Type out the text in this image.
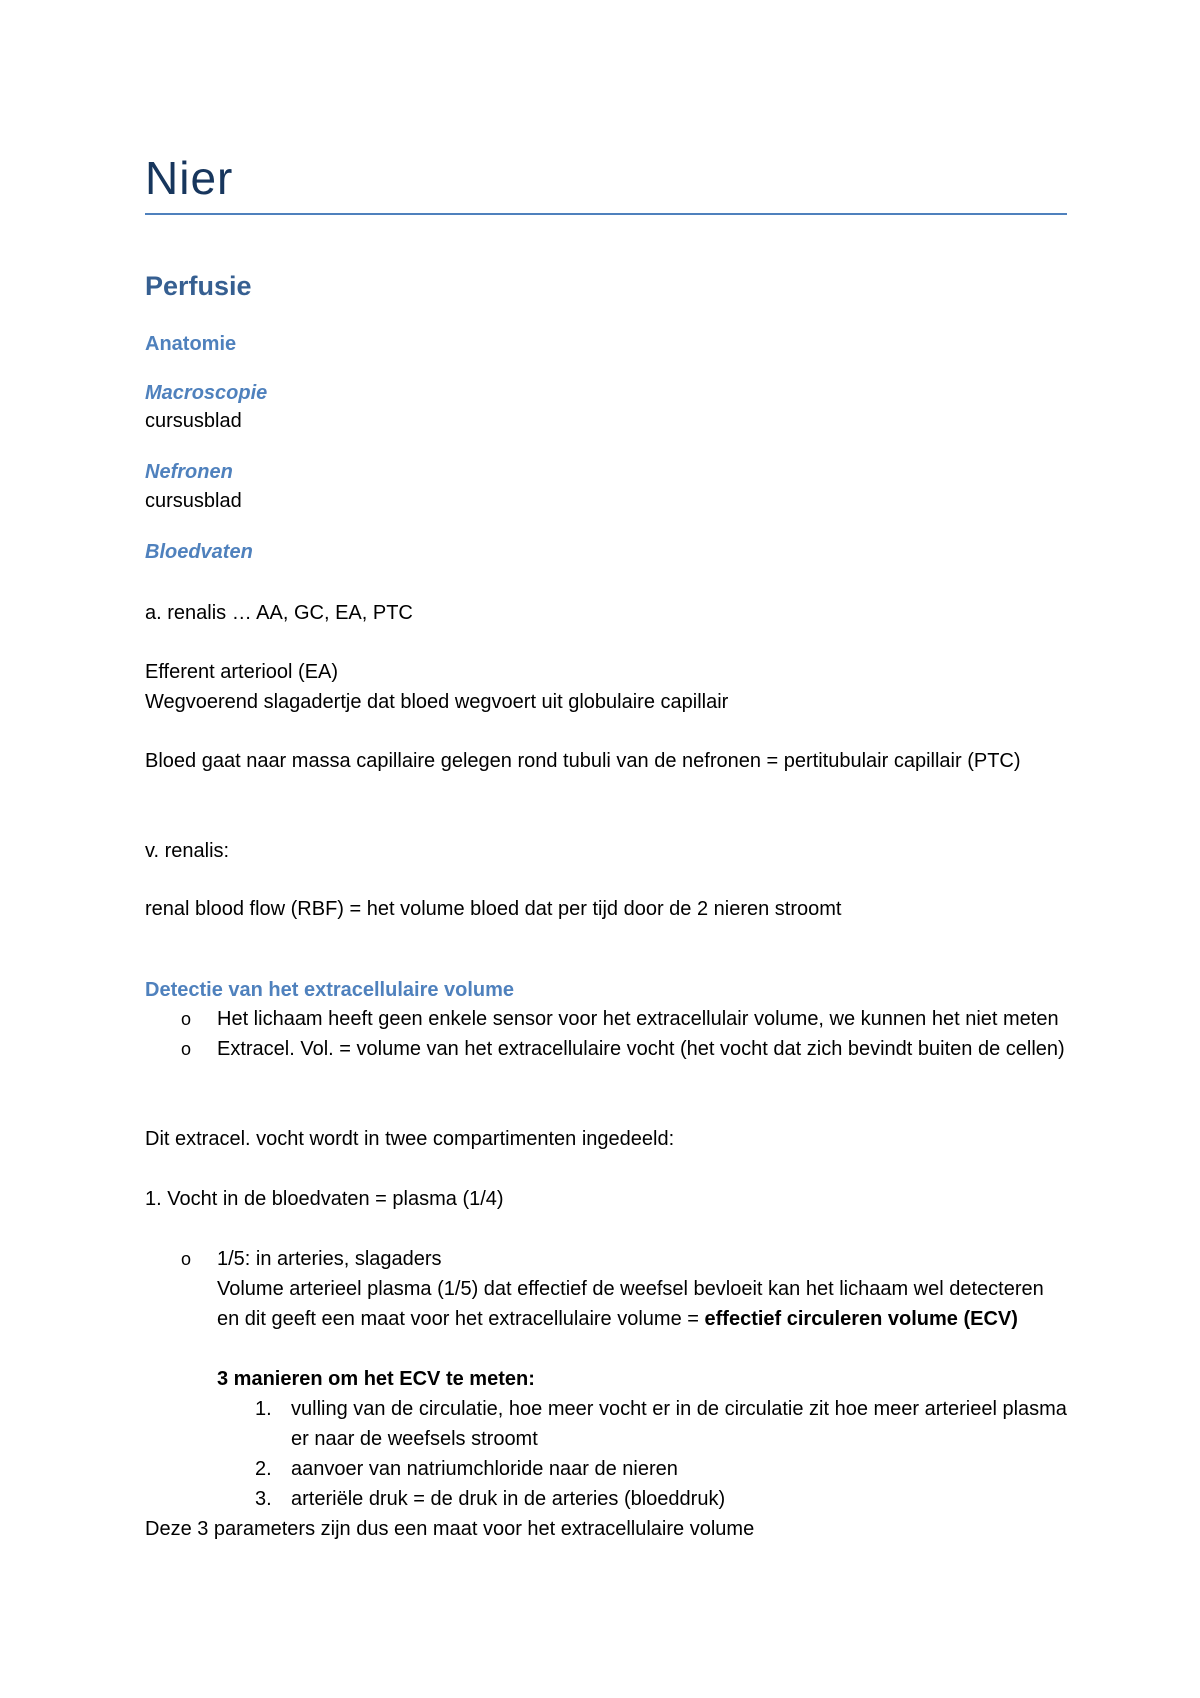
Nier
Perfusie
Anatomie
Macroscopie

cursusblad

Nefronen

cursusblad

Bloedvaten

a. renalis … AA, GC, EA, PTC

Efferent arteriool (EA)

Wegvoerend slagadertje dat bloed wegvoert uit globulaire capillair

Bloed gaat naar massa capillaire gelegen rond tubuli van de nefronen = pertitubulair capillair (PTC)

v. renalis:

renal blood flow (RBF) = het volume bloed dat per tijd door de 2 nieren stroomt

Detectie van het extracellulaire volume
o Het lichaam heeft geen enkele sensor voor het extracellulair volume, we kunnen het niet meten
o Extracel. Vol. = volume van het extracellulaire vocht (het vocht dat zich bevindt buiten de cellen)

Dit extracel. vocht wordt in twee compartimenten ingedeeld:

1. Vocht in de bloedvaten = plasma (1/4)

o 1/5: in arteries, slagaders
Volume arterieel plasma (1/5) dat effectief de weefsel bevloeit kan het lichaam wel detecteren en dit geeft een maat voor het extracellulaire volume = effectief circuleren volume (ECV)
3 manieren om het ECV te meten:
1. vulling van de circulatie, hoe meer vocht er in de circulatie zit hoe meer arterieel plasma er naar de weefsels stroomt
2. aanvoer van natriumchloride naar de nieren
3. arteriële druk = de druk in de arteries (bloeddruk)

Deze 3 parameters zijn dus een maat voor het extracellulaire volume
